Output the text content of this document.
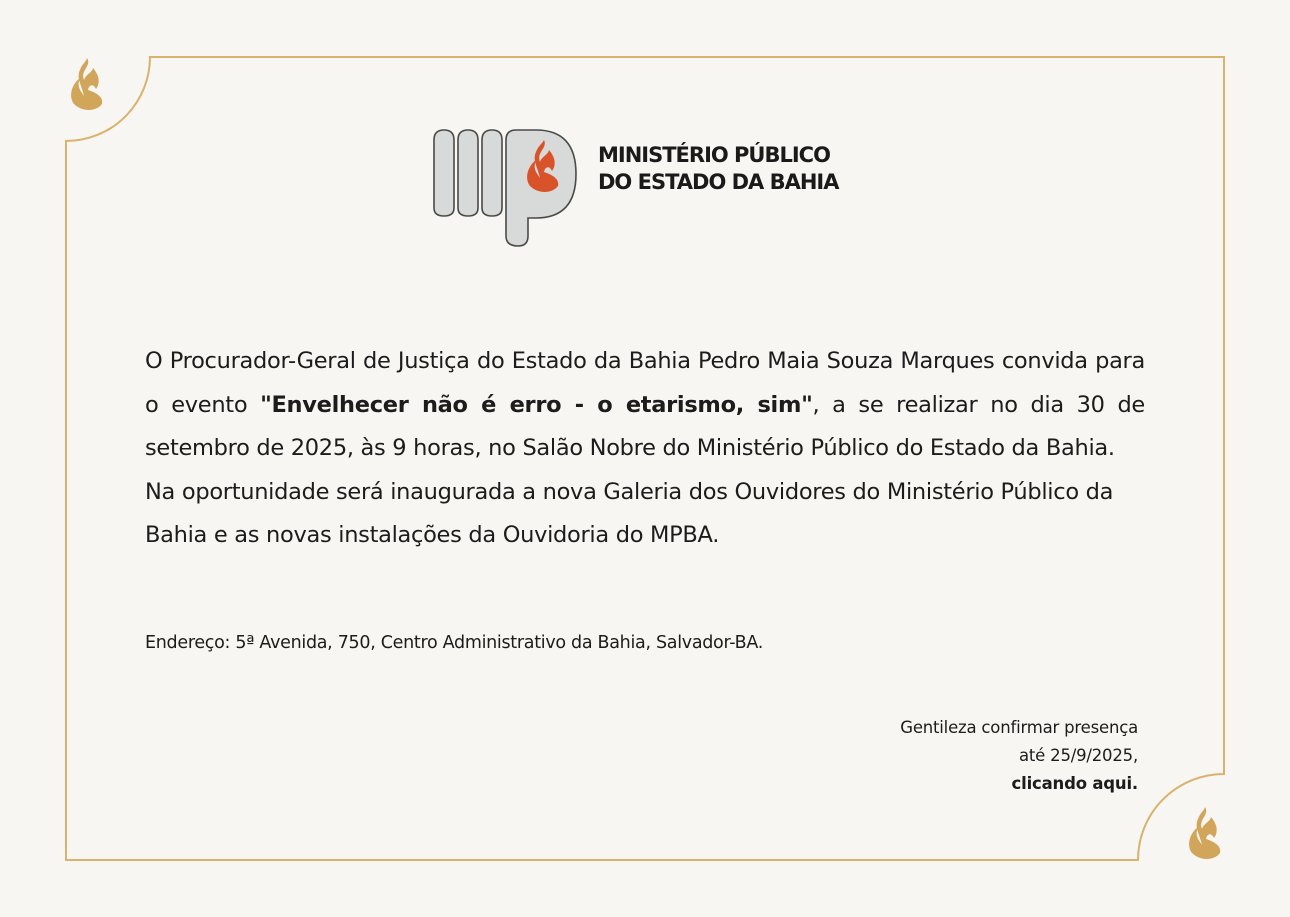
MINISTÉRIO PÚBLICO
DO ESTADO DA BAHIA

O Procurador-Geral de Justiça do Estado da Bahia Pedro Maia Souza Marques convida para o evento "Envelhecer não é erro - o etarismo, sim", a se realizar no dia 30 de setembro de 2025, às 9 horas, no Salão Nobre do Ministério Público do Estado da Bahia.

Na oportunidade será inaugurada a nova Galeria dos Ouvidores do Ministério Público da Bahia e as novas instalações da Ouvidoria do MPBA.

Endereço: 5ª Avenida, 750, Centro Administrativo da Bahia, Salvador-BA.
Gentileza confirmar presença
até 25/9/2025,
clicando aqui.
